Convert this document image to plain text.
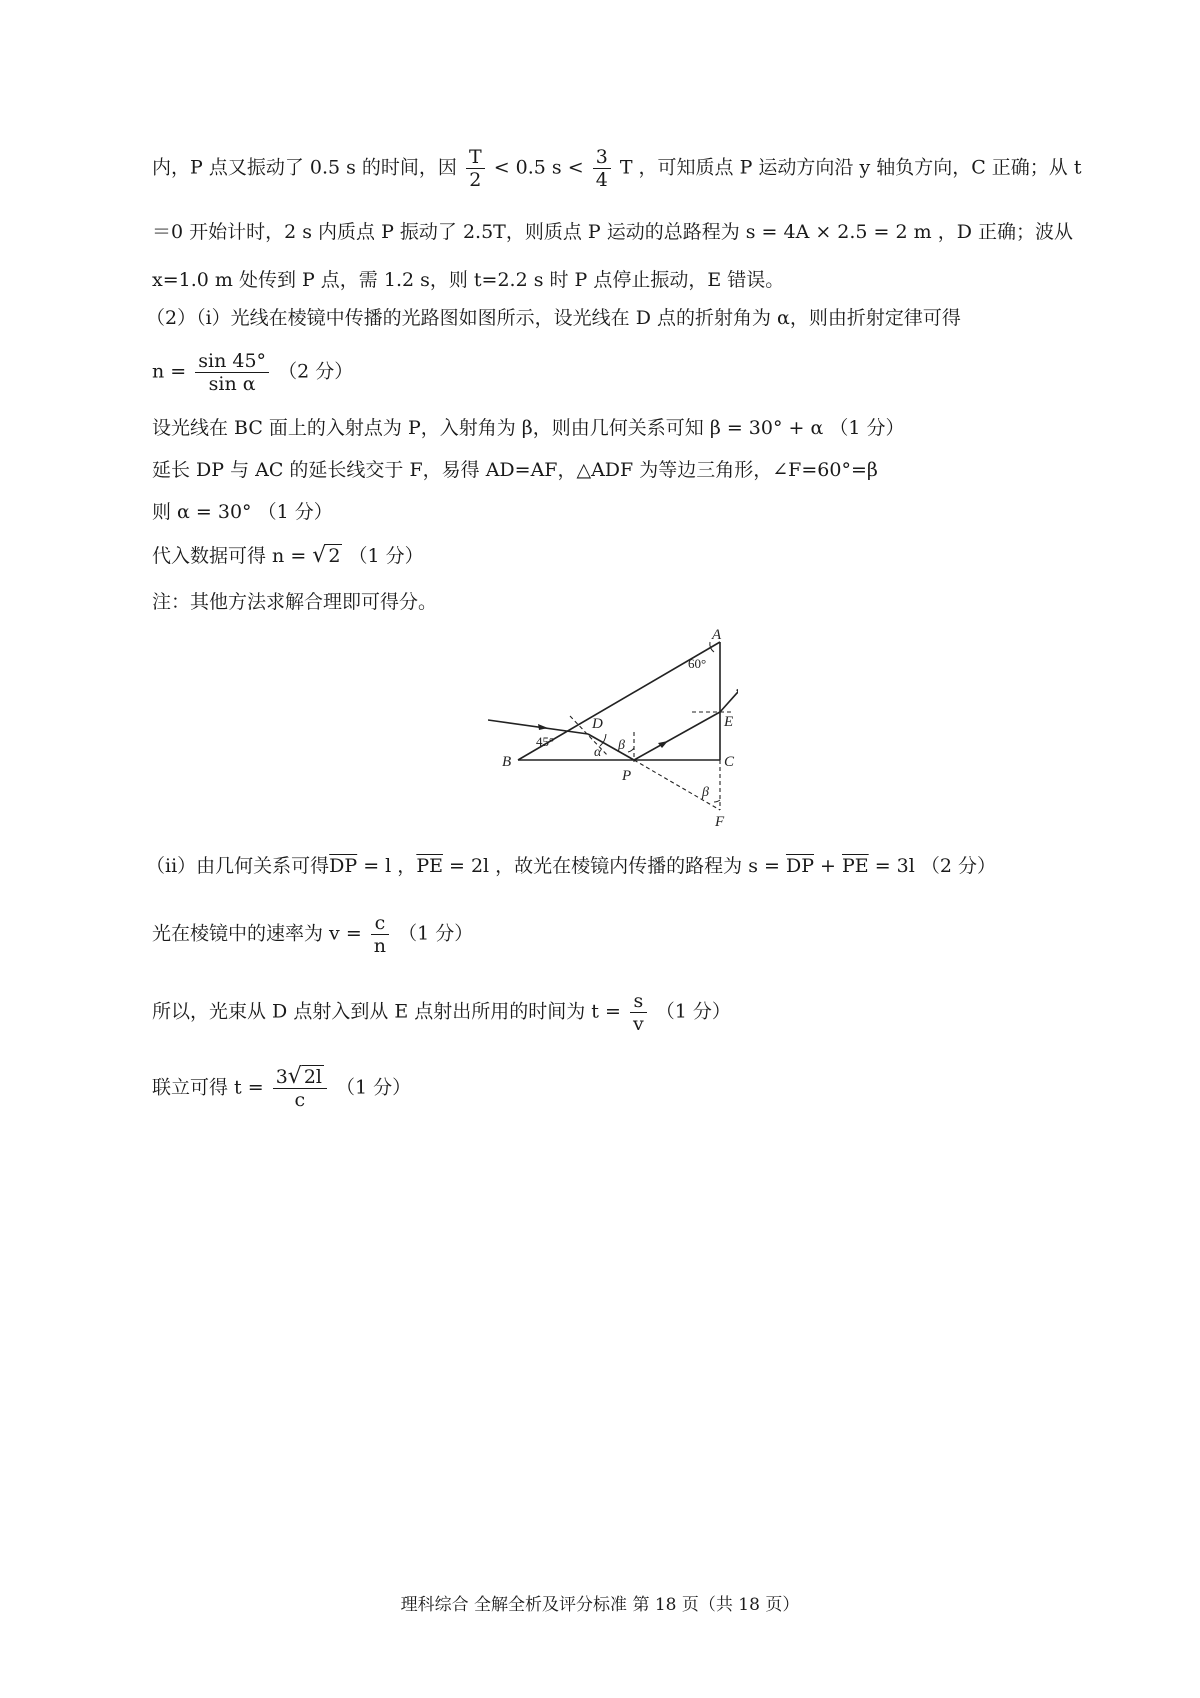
内，P 点又振动了 0.5 s 的时间，因 $\frac{T}{2} < 0.5$ $s < \frac{3}{4}$ T ，可知质点 P 运动方向沿 y 轴负方向，C 正确；从 t
＝0 开始计时，2 s 内质点 P 振动了 2.5T，则质点 P 运动的总路程为 s = 4A × 2.5 = 2 m ，D 正确；波从
x=1.0 m 处传到 P 点，需 1.2 s，则 t=2.2 s 时 P 点停止振动，E 错误。
（2）（i）光线在棱镜中传播的光路图如图所示，设光线在 D 点的折射角为 α，则由折射定律可得
$n = \frac{\sin 45^\circ}{\text{sin α}} (2$ 分）
设光线在 BC 面上的入射点为 P，入射角为 β，则由几何关系可知 β = 30° + α （1 分）
延长 DP 与 AC 的延长线交于 F，易得 AD=AF，△ADF 为等边三角形，∠F=60°=β
则 α = 30° （1 分）
代入数据可得 n = √ 2 （1 分）
注：其他方法求解合理即可得分。
A
B	C
D	E
F
P
α β
β
60°
45°
（ii）由几何关系可得$\overline{DP} = l$ ，$\overline{PE} = 2l$ ，故光在棱镜内传播的路程为 $s = \overline{DP} + \overline{PE} = 3l$ （2 分）
光在棱镜中的速率为 $v = \frac{c}{n} (1$ 分）
所以，光束从 D 点射入到从 E 点射出所用的时间为 $t = \frac{s}{v} (1$ 分）
联立可得 $t = \frac{3√ 2l}{c} (1$ 分）
理科综合 全解全析及评分标准 第 18 页（共 18 页）
